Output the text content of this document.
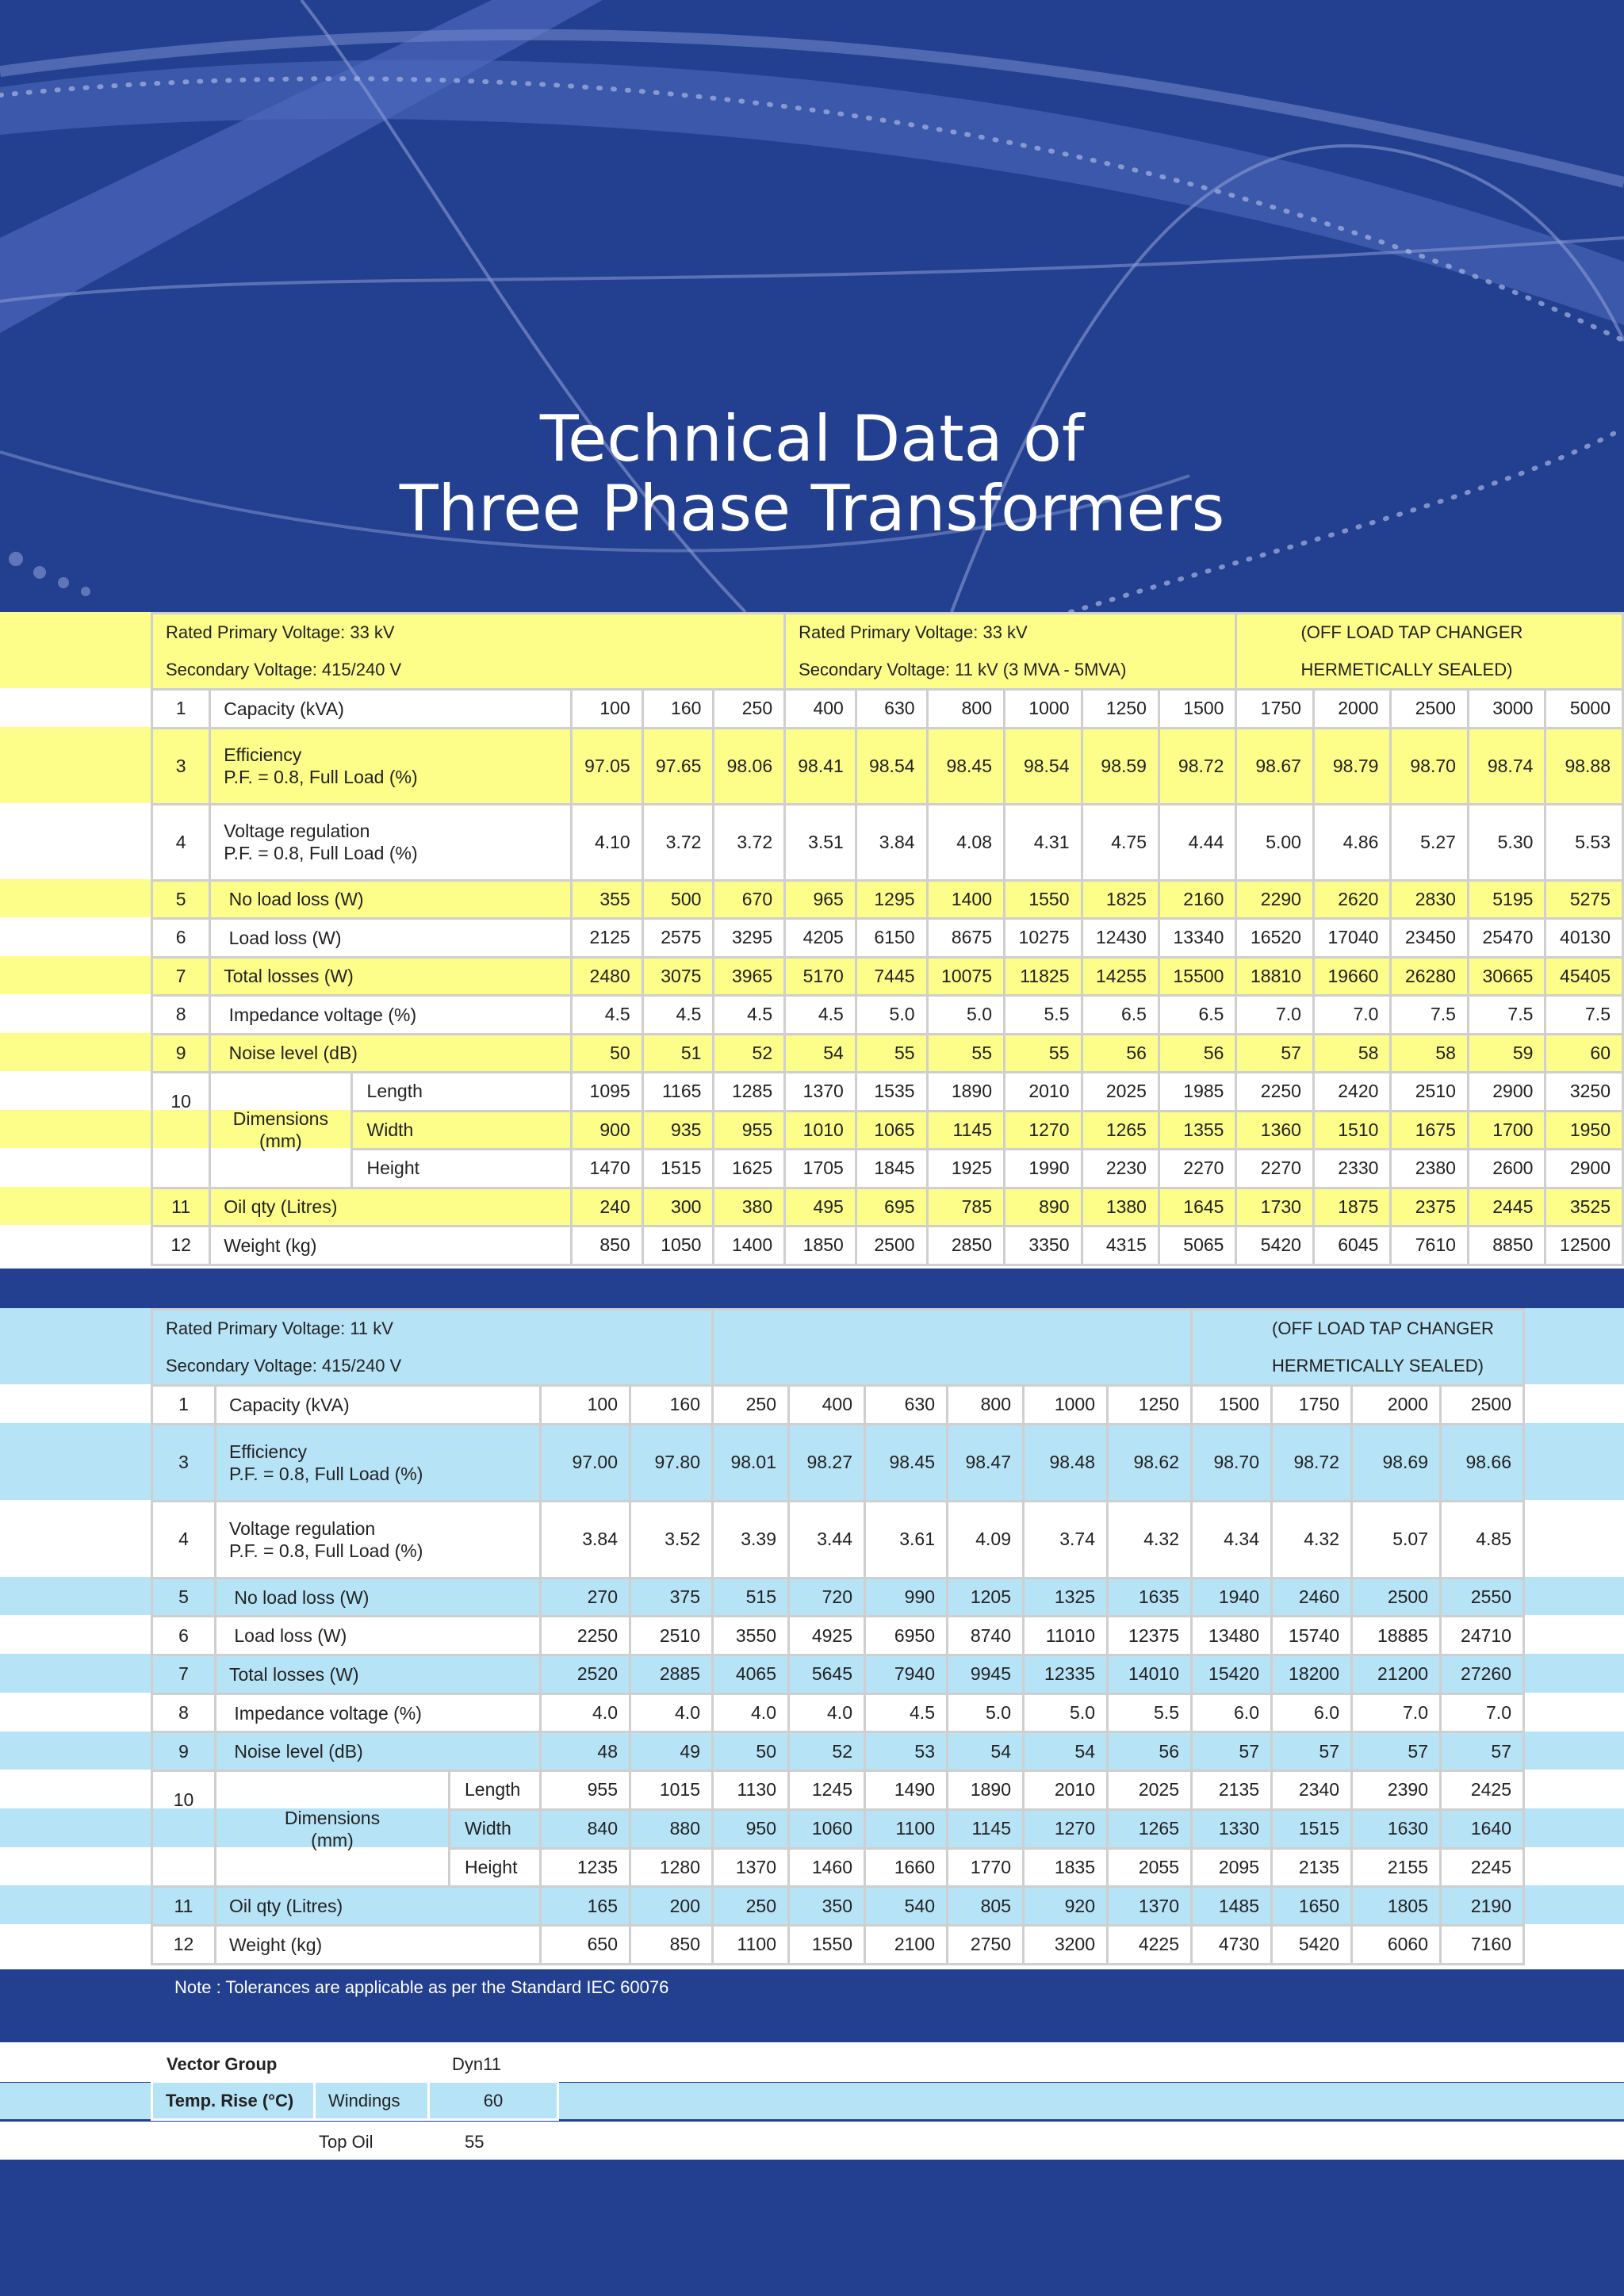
Technical Data of
Three Phase Transformers
Rated Primary Voltage: 33 kV						Rated Primary Voltage: 33 kV						(OFF LOAD TAP CHANGER				
Secondary Voltage: 415/240 V						Secondary Voltage: 11 kV (3 MVA - 5MVA)						HERMETICALLY SEALED)				
1	Capacity (kVA)		100	160	250	400	630	800	1000	1250	1500	1750	2000	2500	3000	5000
3	Efficiency
P.F. = 0.8, Full Load (%)		97.05	97.65	98.06	98.41	98.54	98.45	98.54	98.59	98.72	98.67	98.79	98.70	98.74	98.88
4	Voltage regulation
P.F. = 0.8, Full Load (%)		4.10	3.72	3.72	3.51	3.84	4.08	4.31	4.75	4.44	5.00	4.86	5.27	5.30	5.53
5	No load loss (W)		355	500	670	965	1295	1400	1550	1825	2160	2290	2620	2830	5195	5275
6	Load loss (W)		2125	2575	3295	4205	6150	8675	10275	12430	13340	16520	17040	23450	25470	40130
7	Total losses (W)		2480	3075	3965	5170	7445	10075	11825	14255	15500	18810	19660	26280	30665	45405
8	Impedance voltage (%)		4.5	4.5	4.5	4.5	5.0	5.0	5.5	6.5	6.5	7.0	7.0	7.5	7.5	7.5
9	Noise level (dB)		50	51	52	54	55	55	55	56	56	57	58	58	59	60
10	Dimensions
(mm)	Length	1095	1165	1285	1370	1535	1890	2010	2025	1985	2250	2420	2510	2900	3250
		Width	900	935	955	1010	1065	1145	1270	1265	1355	1360	1510	1675	1700	1950
		Height	1470	1515	1625	1705	1845	1925	1990	2230	2270	2270	2330	2380	2600	2900
11	Oil qty (Litres)		240	300	380	495	695	785	890	1380	1645	1730	1875	2375	2445	3525
12	Weight (kg)		850	1050	1400	1850	2500	2850	3350	4315	5065	5420	6045	7610	8850	12500
Rated Primary Voltage: 11 kV											(OFF LOAD TAP CHANGER			
Secondary Voltage: 415/240 V											HERMETICALLY SEALED)			
1	Capacity (kVA)		100	160	250	400	630	800	1000	1250	1500	1750	2000	2500
3	Efficiency
P.F. = 0.8, Full Load (%)		97.00	97.80	98.01	98.27	98.45	98.47	98.48	98.62	98.70	98.72	98.69	98.66
4	Voltage regulation
P.F. = 0.8, Full Load (%)		3.84	3.52	3.39	3.44	3.61	4.09	3.74	4.32	4.34	4.32	5.07	4.85
5	No load loss (W)		270	375	515	720	990	1205	1325	1635	1940	2460	2500	2550
6	Load loss (W)		2250	2510	3550	4925	6950	8740	11010	12375	13480	15740	18885	24710
7	Total losses (W)		2520	2885	4065	5645	7940	9945	12335	14010	15420	18200	21200	27260
8	Impedance voltage (%)		4.0	4.0	4.0	4.0	4.5	5.0	5.0	5.5	6.0	6.0	7.0	7.0
9	Noise level (dB)		48	49	50	52	53	54	54	56	57	57	57	57
10	Dimensions
(mm)	Length	955	1015	1130	1245	1490	1890	2010	2025	2135	2340	2390	2425
		Width	840	880	950	1060	1100	1145	1270	1265	1330	1515	1630	1640
		Height	1235	1280	1370	1460	1660	1770	1835	2055	2095	2135	2155	2245
11	Oil qty (Litres)		165	200	250	350	540	805	920	1370	1485	1650	1805	2190
12	Weight (kg)		650	850	1100	1550	2100	2750	3200	4225	4730	5420	6060	7160
Note : Tolerances are applicable as per the Standard IEC 60076
Vector Group	Dyn11
Temp. Rise (°C)	Windings	60
Top Oil	55
